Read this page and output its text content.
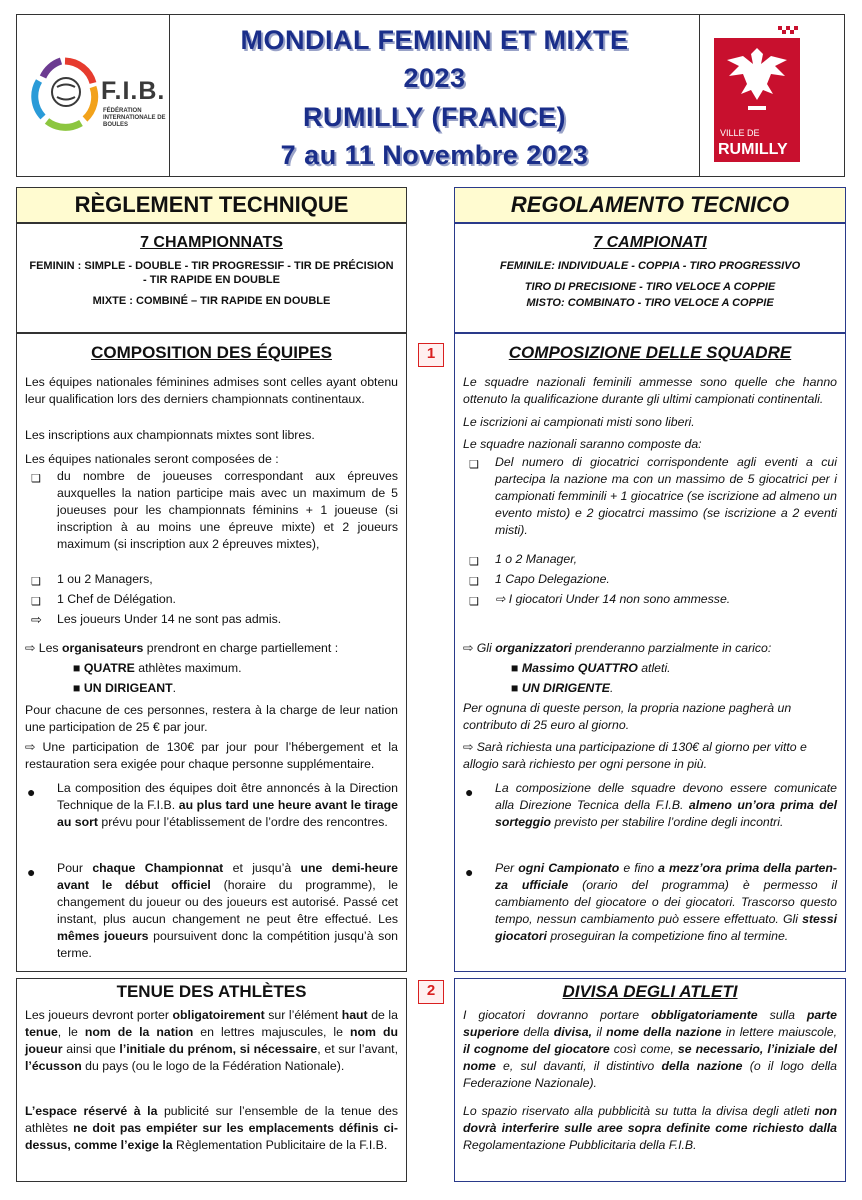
F.I.B.
FÉDÉRATION INTERNATIONALE DE BOULES
MONDIAL FEMININ ET MIXTE
2023
RUMILLY (FRANCE)
7 au 11 Novembre 2023
VILLE DE
RUMILLY
RÈGLEMENT TECHNIQUE
7 CHAMPIONNATS
FEMININ : SIMPLE - DOUBLE - TIR PROGRESSIF - TIR DE PRÉCISION
- TIR RAPIDE EN DOUBLE
MIXTE : COMBINÉ – TIR RAPIDE EN DOUBLE
COMPOSITION DES ÉQUIPES
Les équipes nationales féminines admises sont celles ayant obtenu leur qualification lors des derniers championnats continentaux.
Les inscriptions aux championnats mixtes sont libres.
Les équipes nationales seront composées de :
❑ du nombre de joueuses correspondant aux épreuves auxquelles la nation participe mais avec un maximum de 5 joueuses pour les championnats féminins + 1 joueuse (si inscription à au moins une épreuve mixte) et 2 joueurs maximum (si inscription aux 2 épreuves mixtes),
❑ 1 ou 2 Managers,
❑ 1 Chef de Délégation.
⇨ Les joueurs Under 14 ne sont pas admis.
⇨ Les organisateurs prendront en charge partiellement :
■ QUATRE athlètes maximum.
■ UN DIRIGEANT.
Pour chacune de ces personnes, restera à la charge de leur nation une participation de 25 € par jour.
⇨ Une participation de 130€ par jour pour l’hébergement et la restauration sera exigée pour chaque personne supplémentaire.
● La composition des équipes doit être annoncés à la Direction Technique de la F.I.B. au plus tard une heure avant le tirage au sort prévu pour l’établissement de l’ordre des rencontres.
● Pour chaque Championnat et jusqu’à une demi-heure avant le début officiel (horaire du programme), le changement du joueur ou des joueurs est autorisé. Passé cet instant, plus aucun changement ne peut être effectué. Les mêmes joueurs poursuivent donc la compétition jusqu’à son terme.
TENUE DES ATHLÈTES
Les joueurs devront porter obligatoirement sur l’élément haut de la tenue, le nom de la nation en lettres majuscules, le nom du joueur ainsi que l’initiale du prénom, si nécessaire, et sur l’avant, l’écusson du pays (ou le logo de la Fédération Nationale).
L’espace réservé à la publicité sur l’ensemble de la tenue des athlètes ne doit pas empiéter sur les emplacements définis ci-dessus, comme l’exige la Règlementation Publicitaire de la F.I.B.
1
2
REGOLAMENTO TECNICO
7 CAMPIONATI
FEMINILE: INDIVIDUALE - COPPIA - TIRO PROGRESSIVO
TIRO DI PRECISIONE - TIRO VELOCE A COPPIE
MISTO: COMBINATO - TIRO VELOCE A COPPIE
COMPOSIZIONE DELLE SQUADRE
Le squadre nazionali feminili ammesse sono quelle che hanno ottenuto la qualificazione durante gli ultimi campionati continentali.
Le iscrizioni ai campionati misti sono liberi.
Le squadre nazionali saranno composte da:
❑ Del numero di giocatrici corrispondente agli eventi a cui partecipa la nazione ma con un massimo de 5 giocatrici per i campionati femminili + 1 giocatrice (se iscrizione ad almeno un evento misto) e 2 giocatrci massimo (se iscrizione a 2 eventi misti).
❑ 1 o 2 Manager,
❑ 1 Capo Delegazione.
❑ ⇨ I giocatori Under 14 non sono ammesse.
⇨ Gli organizzatori prenderanno parzialmente in carico:
■ Massimo QUATTRO atleti.
■ UN DIRIGENTE.
Per ognuna di queste person, la propria nazione pagherà un contributo di 25 euro al giorno.
⇨ Sarà richiesta una participazione di 130€ al giorno per vitto e allogio sarà richiesto per ogni persone in più.
● La composizione delle squadre devono essere comunicate alla Direzione Tecnica della F.I.B. almeno un’ora prima del sorteggio previsto per stabilire l’ordine degli incontri.
● Per ogni Campionato e fino a mezz’ora prima della parten-za ufficiale (orario del programma) è permesso il cambiamento del giocatore o dei giocatori. Trascorso questo tempo, nessun cambiamento può essere effettuato. Gli stessi giocatori proseguiran la competizione fino al termine.
DIVISA DEGLI ATLETI
I giocatori dovranno portare obbligatoriamente sulla parte superiore della divisa, il nome della nazione in lettere maiuscole, il cognome del giocatore così come, se necessario, l’iniziale del nome e, sul davanti, il distintivo della nazione (o il logo della Federazione Nazionale).
Lo spazio riservato alla pubblicità su tutta la divisa degli atleti non dovrà interferire sulle aree sopra definite come richiesto dalla Regolamentazione Pubblicitaria della F.I.B.
